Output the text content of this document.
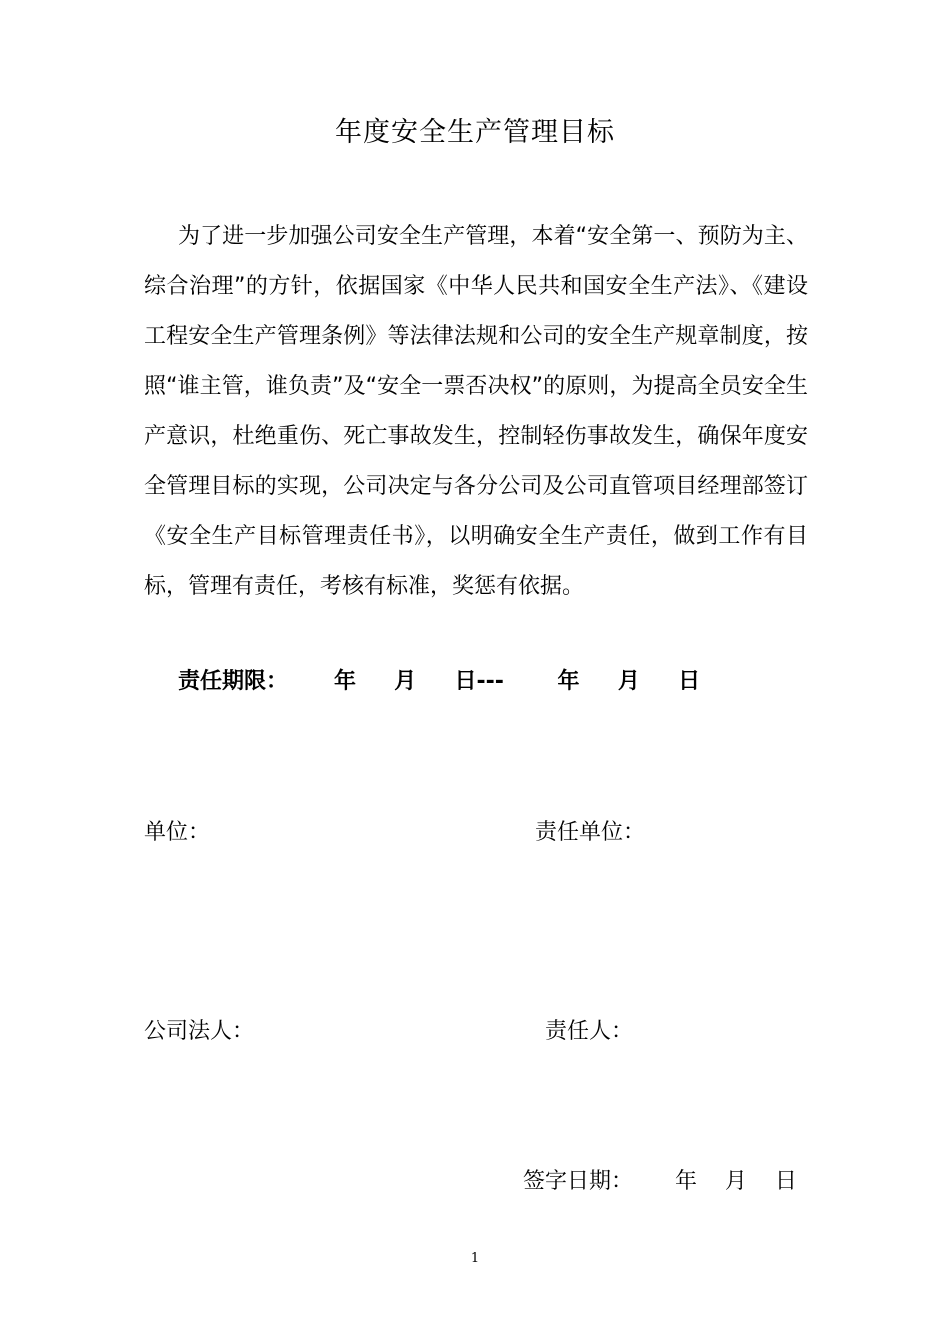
年度安全生产管理目标

为了进一步加强公司安全生产管理，本着“安全第一、预防为主、综合治理”的方针，依据国家《中华人民共和国安全生产法》、《建设工程安全生产管理条例》等法律法规和公司的安全生产规章制度，按照“谁主管，谁负责”及“安全一票否决权”的原则，为提高全员安全生产意识，杜绝重伤、死亡事故发生，控制轻伤事故发生，确保年度安全管理目标的实现，公司决定与各分公司及公司直管项目经理部签订《安全生产目标管理责任书》，以明确安全生产责任，做到工作有目标，管理有责任，考核有标准，奖惩有依据。

责任期限：      年     月     日---       年     月     日
单位：	责任单位：
公司法人：	责任人：
签字日期：      年    月    日
1
